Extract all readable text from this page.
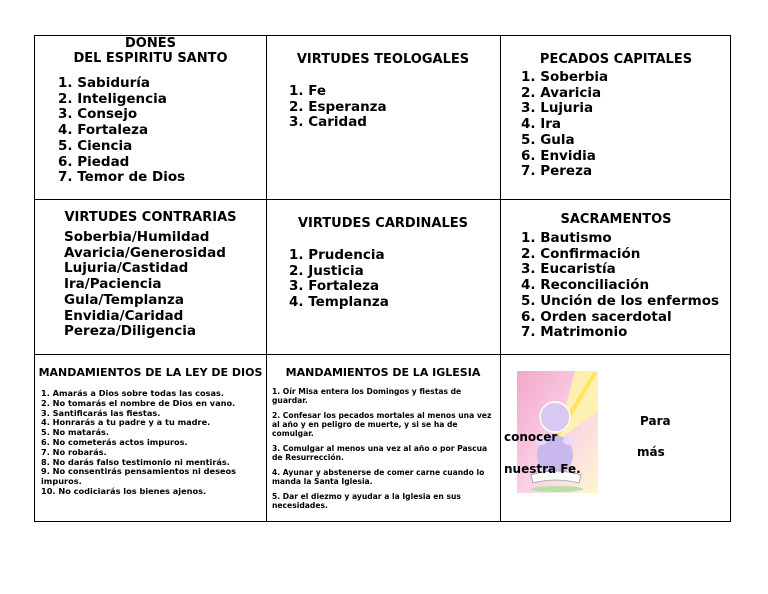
DONES
DEL ESPIRITU SANTO
1. Sabiduría
2. Inteligencia
3. Consejo
4. Fortaleza
5. Ciencia
6. Piedad
7. Temor de Dios
VIRTUDES TEOLOGALES
1. Fe
2. Esperanza
3. Caridad
PECADOS CAPITALES
1. Soberbia
2. Avaricia
3. Lujuria
4. Ira
5. Gula
6. Envidia
7. Pereza
VIRTUDES CONTRARIAS
Soberbia/Humildad
Avaricia/Generosidad
Lujuria/Castidad
Ira/Paciencia
Gula/Templanza
Envidia/Caridad
Pereza/Diligencia
VIRTUDES CARDINALES
1. Prudencia
2. Justicia
3. Fortaleza
4. Templanza
SACRAMENTOS
1. Bautismo
2. Confirmación
3. Eucaristía
4. Reconciliación
5. Unción de los enfermos
6. Orden sacerdotal
7. Matrimonio
MANDAMIENTOS DE LA LEY DE DIOS
1. Amarás a Dios sobre todas las cosas.
2. No tomarás el nombre de Dios en vano.
3. Santificarás las fiestas.
4. Honrarás a tu padre y a tu madre.
5. No matarás.
6. No cometerás actos impuros.
7. No robarás.
8. No darás falso testimonio ni mentirás.
9. No consentirás pensamientos ni deseos impuros.
10. No codiciarás los bienes ajenos.
MANDAMIENTOS DE LA IGLESIA
1. Oír Misa entera los Domingos y fiestas de guardar.
2. Confesar los pecados mortales al menos una vez al año y en peligro de muerte, y si se ha de comulgar.
3. Comulgar al menos una vez al año o por Pascua de Resurrección.
4. Ayunar y abstenerse de comer carne cuando lo manda la Santa Iglesia.
5. Dar el diezmo y ayudar a la Iglesia en sus necesidades.
Para
conocer
más
nuestra Fe.
